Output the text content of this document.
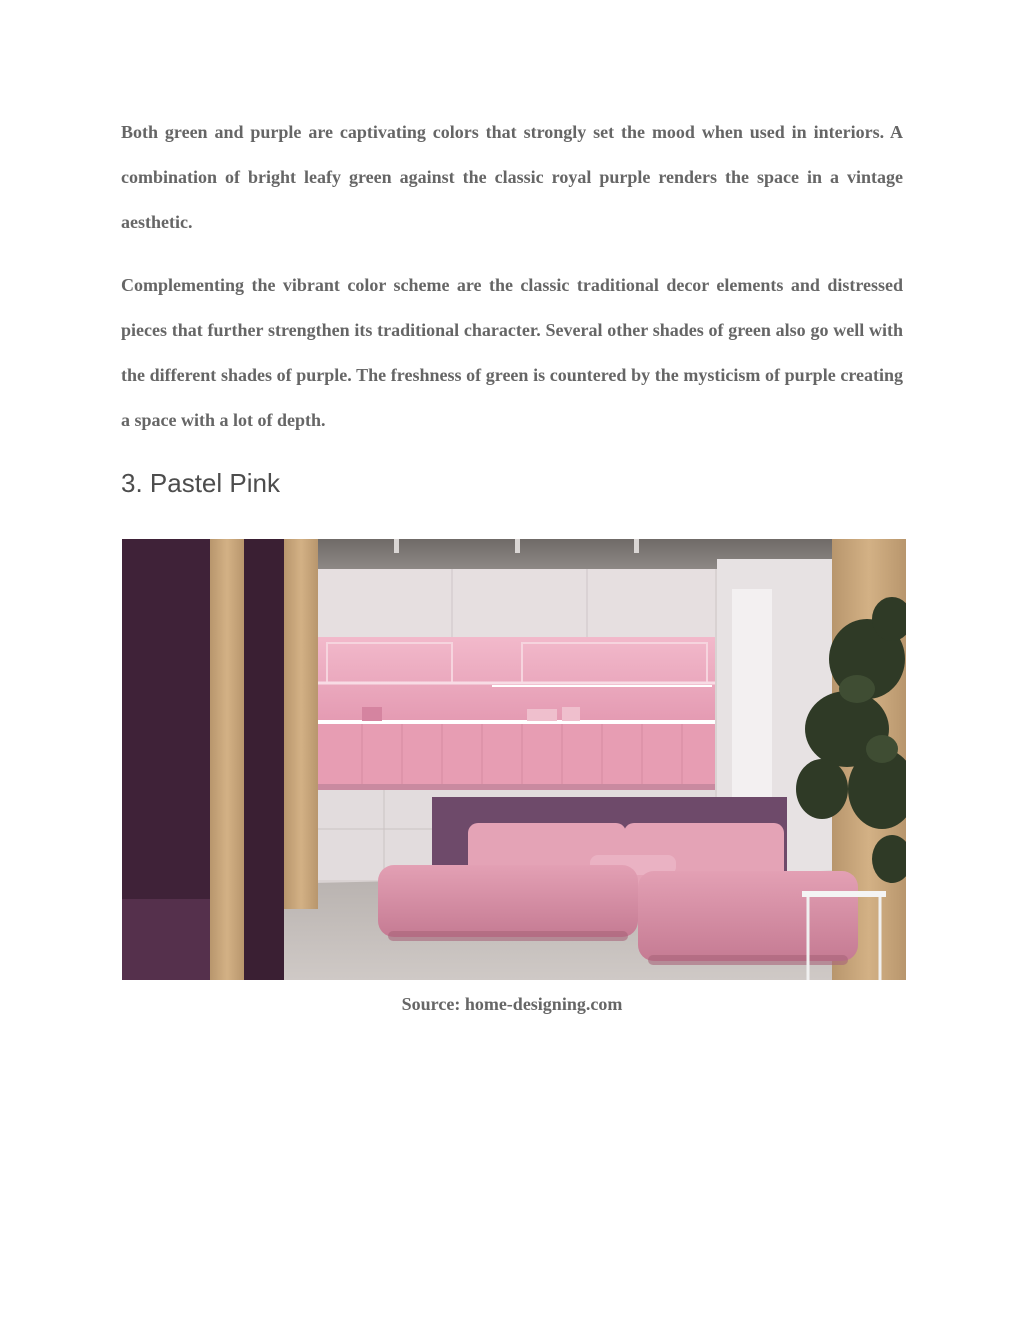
Both green and purple are captivating colors that strongly set the mood when used in interiors. A combination of bright leafy green against the classic royal purple renders the space in a vintage aesthetic.

Complementing the vibrant color scheme are the classic traditional decor elements and distressed pieces that further strengthen its traditional character. Several other shades of green also go well with the different shades of purple. The freshness of green is countered by the mysticism of purple creating a space with a lot of depth.

3. Pastel Pink

Source: home-designing.com
